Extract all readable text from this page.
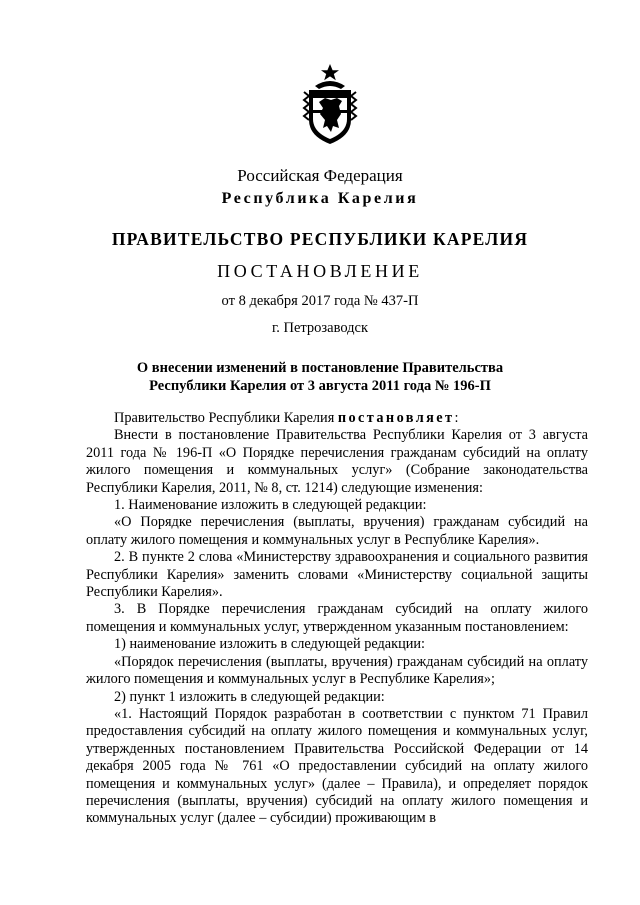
Российская Федерация
Республика Карелия
ПРАВИТЕЛЬСТВО РЕСПУБЛИКИ КАРЕЛИЯ
ПОСТАНОВЛЕНИЕ
от 8 декабря 2017 года № 437-П
г. Петрозаводск
О внесении изменений в постановление Правительства
Республики Карелия от 3 августа 2011 года № 196-П

Правительство Республики Карелия постановляет:

Внести в постановление Правительства Республики Карелия от 3 августа 2011 года № 196-П «О Порядке перечисления гражданам субсидий на оплату жилого помещения и коммунальных услуг» (Собрание законодательства Республики Карелия, 2011, № 8, ст. 1214) следующие изменения:

1. Наименование изложить в следующей редакции:

«О Порядке перечисления (выплаты, вручения) гражданам субсидий на оплату жилого помещения и коммунальных услуг в Республике Карелия».

2. В пункте 2 слова «Министерству здравоохранения и социального развития Республики Карелия» заменить словами «Министерству социальной защиты Республики Карелия».

3. В Порядке перечисления гражданам субсидий на оплату жилого помещения и коммунальных услуг, утвержденном указанным постановлением:

1) наименование изложить в следующей редакции:

«Порядок перечисления (выплаты, вручения) гражданам субсидий на оплату жилого помещения и коммунальных услуг в Республике Карелия»;

2) пункт 1 изложить в следующей редакции:

«1. Настоящий Порядок разработан в соответствии с пунктом 71 Правил предоставления субсидий на оплату жилого помещения и коммунальных услуг, утвержденных постановлением Правительства Российской Федерации от 14 декабря 2005 года № 761 «О предоставлении субсидий на оплату жилого помещения и коммунальных услуг» (далее – Правила), и определяет порядок перечисления (выплаты, вручения) субсидий на оплату жилого помещения и коммунальных услуг (далее – субсидии) проживающим в
